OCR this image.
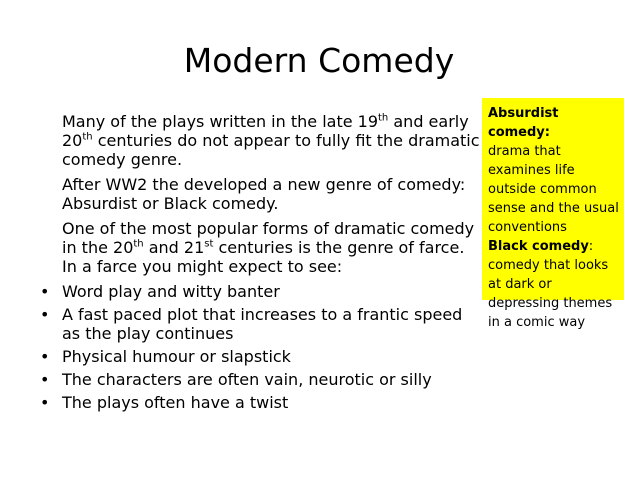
Modern Comedy

Many of the plays written in the late 19th and early 20th centuries do not appear to fully fit the dramatic comedy genre.

After WW2 the developed a new genre of comedy: Absurdist or Black comedy.

One of the most popular forms of dramatic comedy in the 20th and 21st centuries is the genre of farce. In a farce you might expect to see:

• Word play and witty banter
• A fast paced plot that increases to a frantic speed as the play continues
• Physical humour or slapstick
• The characters are often vain, neurotic or silly
• The plays often have a twist

Absurdist comedy:
drama that examines life outside common sense and the usual conventions

Black comedy:
comedy that looks at dark or depressing themes in a comic way
